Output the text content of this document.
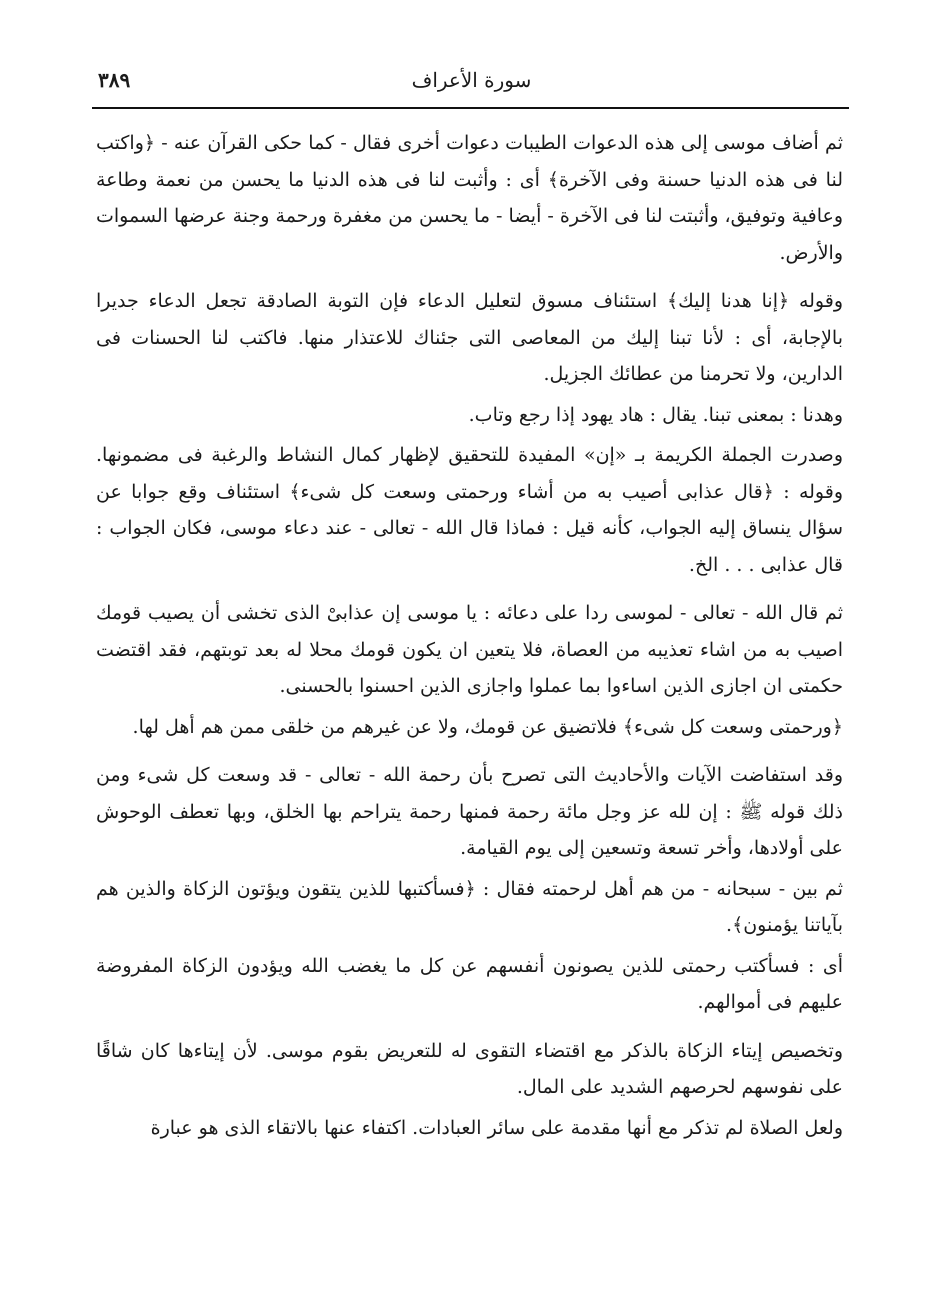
٣٨٩	سورة الأعراف

ثم أضاف موسى إلى هذه الدعوات الطيبات دعوات أخرى فقال - كما حكى القرآن عنه - ﴿واكتب لنا فى هذه الدنيا حسنة وفى الآخرة﴾ أى : وأثبت لنا فى هذه الدنيا ما يحسن من نعمة وطاعة وعافية وتوفيق، وأثبتت لنا فى الآخرة - أيضا - ما يحسن من مغفرة ورحمة وجنة عرضها السموات والأرض.

وقوله ﴿إنا هدنا إليك﴾ استئناف مسوق لتعليل الدعاء فإن التوبة الصادقة تجعل الدعاء جديرا بالإجابة، أى : لأنا تبنا إليك من المعاصى التى جئناك للاعتذار منها. فاكتب لنا الحسنات فى الدارين، ولا تحرمنا من عطائك الجزيل.

وهدنا : بمعنى تبنا. يقال : هاد يهود إذا رجع وتاب.

وصدرت الجملة الكريمة بـ «إن» المفيدة للتحقيق لإظهار كمال النشاط والرغبة فى مضمونها. وقوله : ﴿قال عذابى أصيب به من أشاء ورحمتى وسعت كل شىء﴾ استئناف وقع جوابا عن سؤال ينساق إليه الجواب، كأنه قيل : فماذا قال الله - تعالى - عند دعاء موسى، فكان الجواب : قال عذابى . . . الخ.

ثم قال الله - تعالى - لموسى ردا على دعائه : يا موسى إن عذابىْ الذى تخشى أن يصيب قومك اصيب به من اشاء تعذيبه من العصاة، فلا يتعين ان يكون قومك محلا له بعد توبتهم، فقد اقتضت حكمتى ان اجازى الذين اساءوا بما عملوا واجازى الذين احسنوا بالحسنى.

﴿ورحمتى وسعت كل شىء﴾ فلاتضيق عن قومك، ولا عن غيرهم من خلقى ممن هم أهل لها.

وقد استفاضت الآيات والأحاديث التى تصرح بأن رحمة الله - تعالى - قد وسعت كل شىء ومن ذلك قوله ﷺ : إن لله عز وجل مائة رحمة فمنها رحمة يتراحم بها الخلق، وبها تعطف الوحوش على أولادها، وأخر تسعة وتسعين إلى يوم القيامة.

ثم بين - سبحانه - من هم أهل لرحمته فقال : ﴿فسأكتبها للذين يتقون ويؤتون الزكاة والذين هم بآياتنا يؤمنون﴾.

أى : فسأكتب رحمتى للذين يصونون أنفسهم عن كل ما يغضب الله ويؤدون الزكاة المفروضة عليهم فى أموالهم.

وتخصيص إيتاء الزكاة بالذكر مع اقتضاء التقوى له للتعريض بقوم موسى. لأن إيتاءها كان شاقًا على نفوسهم لحرصهم الشديد على المال.

ولعل الصلاة لم تذكر مع أنها مقدمة على سائر العبادات. اكتفاء عنها بالاتقاء الذى هو عبارة
